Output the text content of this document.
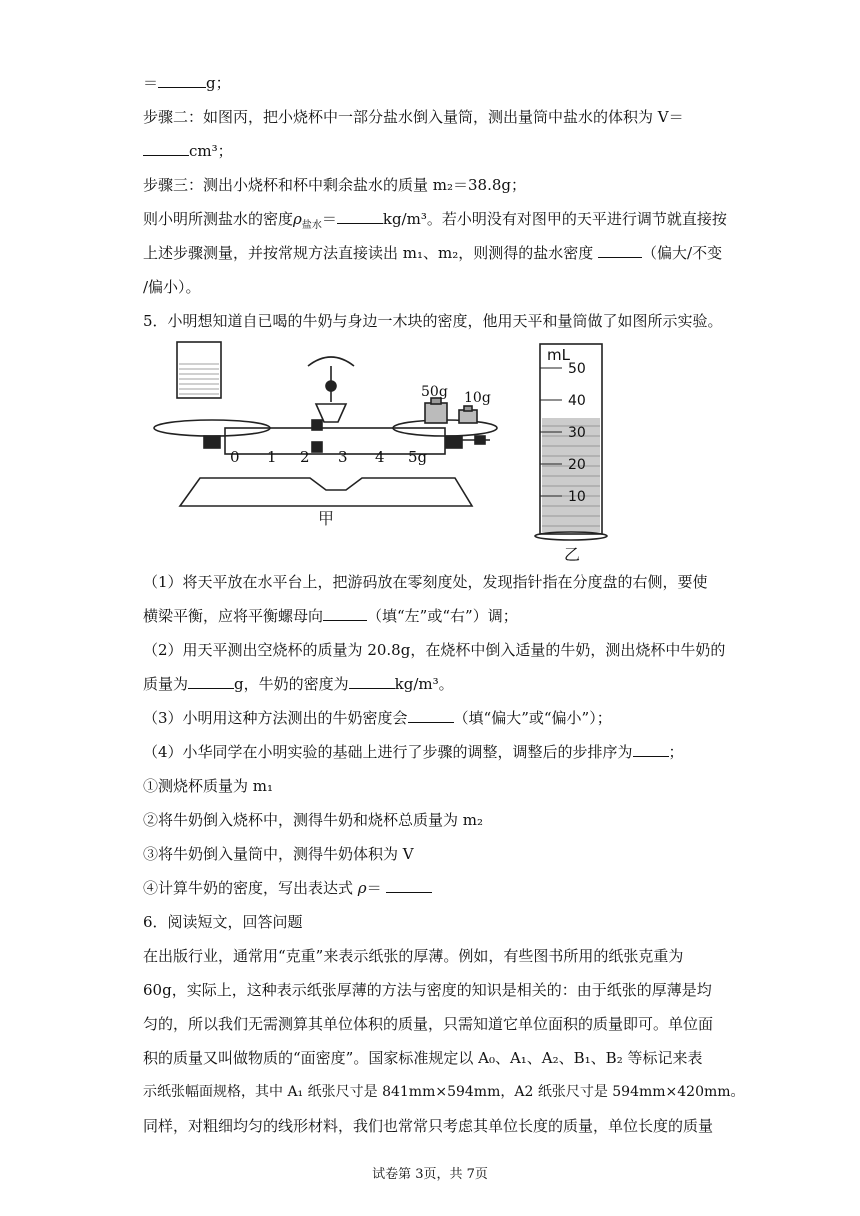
＝	g；
步骤二：如图丙，把小烧杯中一部分盐水倒入量筒，测出量筒中盐水的体积为 V＝
cm³；
步骤三：测出小烧杯和杯中剩余盐水的质量 m₂＝38.8g；
则小明所测盐水的密度$\rho_{盐水}=$	kg/m³。若小明没有对图甲的天平进行调节就直接按
上述步骤测量，并按常规方法直接读出 m₁、m₂，则测得的盐水密度	（偏大/不变
/偏小）。
5．小明想知道自已喝的牛奶与身边一木块的密度，他用天平和量筒做了如图所示实验。
甲
0 1 2 3 4 5g
50g 10g
mL
50
40
30
20
10
乙
（1）将天平放在水平台上，把游码放在零刻度处，发现指针指在分度盘的右侧，要使
横梁平衡，应将平衡螺母向	（填“左”或“右”）调；
（2）用天平测出空烧杯的质量为 20.8g，在烧杯中倒入适量的牛奶，测出烧杯中牛奶的
质量为	g，牛奶的密度为	kg/m³。
（3）小明用这种方法测出的牛奶密度会	（填“偏大”或“偏小”）；
（4）小华同学在小明实验的基础上进行了步骤的调整，调整后的步排序为 ；
①测烧杯质量为 m₁
②将牛奶倒入烧杯中，测得牛奶和烧杯总质量为 m₂
③将牛奶倒入量筒中，测得牛奶体积为 V
④计算牛奶的密度，写出表达式 ρ＝
6．阅读短文，回答问题
在出版行业，通常用“克重”来表示纸张的厚薄。例如，有些图书所用的纸张克重为
60g，实际上，这种表示纸张厚薄的方法与密度的知识是相关的：由于纸张的厚薄是均
匀的，所以我们无需测算其单位体积的质量，只需知道它单位面积的质量即可。单位面
积的质量又叫做物质的“面密度”。国家标准规定以 A₀、A₁、A₂、B₁、B₂ 等标记来表
示纸张幅面规格，其中 A₁ 纸张尺寸是 841mm×594mm，A2 纸张尺寸是 594mm×420mm。
同样，对粗细均匀的线形材料，我们也常常只考虑其单位长度的质量，单位长度的质量
试卷第 3页，共 7页
